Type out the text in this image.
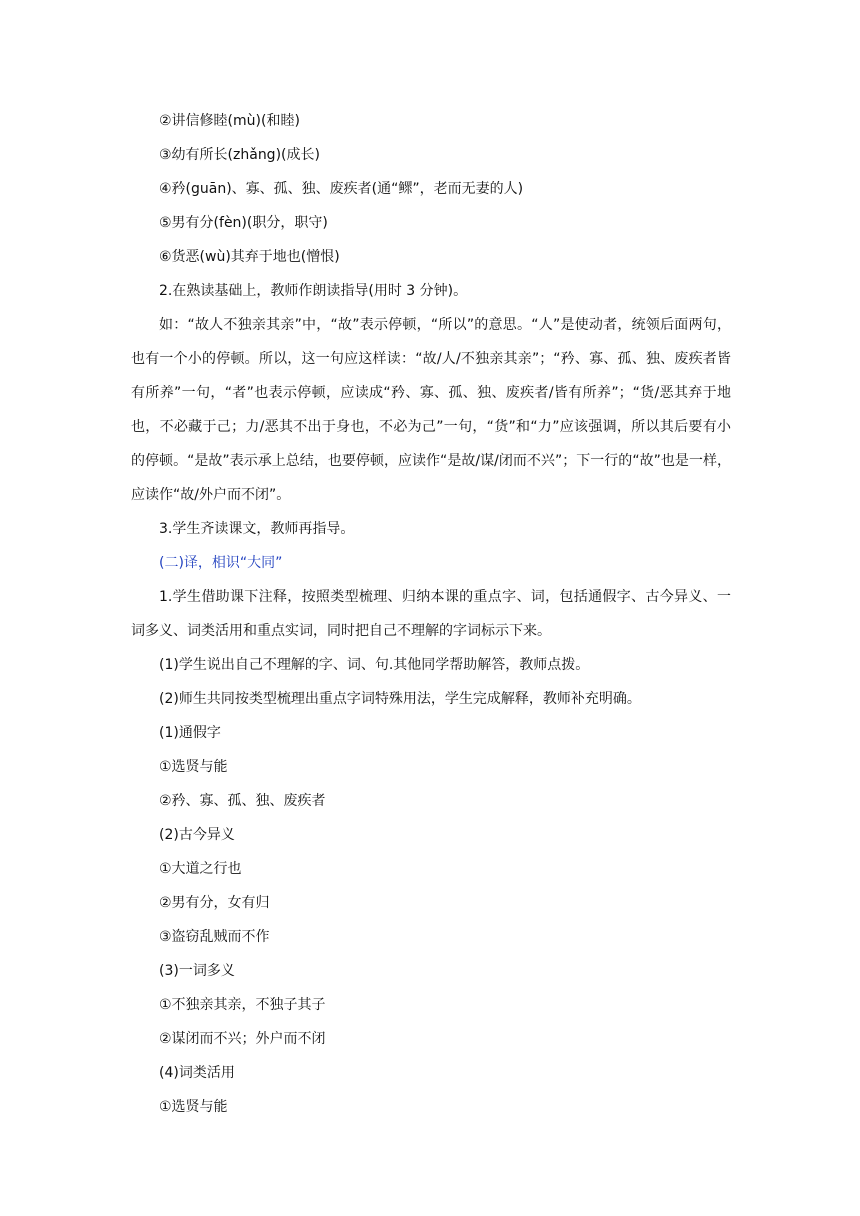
②讲信修睦(mù)(和睦)
③幼有所长(zhǎng)(成长)
④矜(guān)、寡、孤、独、废疾者(通“鳏”，老而无妻的人)
⑤男有分(fèn)(职分，职守)
⑥货恶(wù)其弃于地也(憎恨)
2.在熟读基础上，教师作朗读指导(用时 3 分钟)。
如：“故人不独亲其亲”中，“故”表示停顿，“所以”的意思。“人”是使动者，统领后面两句，也有一个小的停顿。所以，这一句应这样读：“故/人/不独亲其亲”；“矜、寡、孤、独、废疾者皆有所养”一句，“者”也表示停顿，应读成“矜、寡、孤、独、废疾者/皆有所养”；“货/恶其弃于地也，不必藏于己；力/恶其不出于身也，不必为己”一句，“货”和“力”应该强调，所以其后要有小的停顿。“是故”表示承上总结，也要停顿，应读作“是故/谋/闭而不兴”；下一行的“故”也是一样，应读作“故/外户而不闭”。
3.学生齐读课文，教师再指导。
(二)译，相识“大同”
1.学生借助课下注释，按照类型梳理、归纳本课的重点字、词，包括通假字、古今异义、一词多义、词类活用和重点实词，同时把自己不理解的字词标示下来。
(1)学生说出自己不理解的字、词、句.其他同学帮助解答，教师点拨。
(2)师生共同按类型梳理出重点字词特殊用法，学生完成解释，教师补充明确。
(1)通假字
①选贤与能
②矜、寡、孤、独、废疾者
(2)古今异义
①大道之行也
②男有分，女有归
③盗窃乱贼而不作
(3)一词多义
①不独亲其亲，不独子其子
②谋闭而不兴；外户而不闭
(4)词类活用
①选贤与能
